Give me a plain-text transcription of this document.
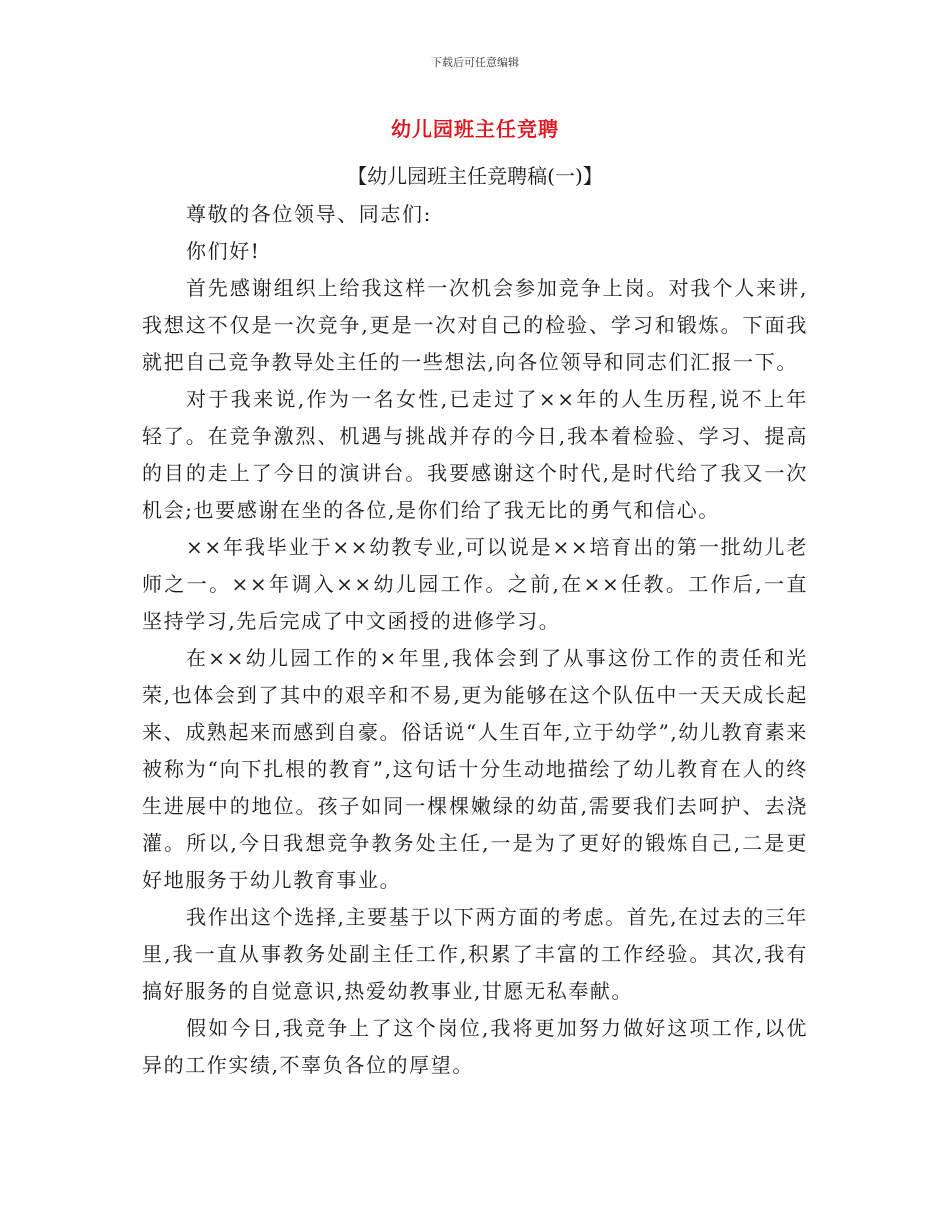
下载后可任意编辑
幼儿园班主任竞聘
【幼儿园班主任竞聘稿(一)】

尊敬的各位领导、同志们:

你们好!

首先感谢组织上给我这样一次机会参加竞争上岗。对我个人来讲,我想这不仅是一次竞争,更是一次对自己的检验、学习和锻炼。下面我就把自己竞争教导处主任的一些想法,向各位领导和同志们汇报一下。

对于我来说,作为一名女性,已走过了××年的人生历程,说不上年轻了。在竞争激烈、机遇与挑战并存的今日,我本着检验、学习、提高的目的走上了今日的演讲台。我要感谢这个时代,是时代给了我又一次机会;也要感谢在坐的各位,是你们给了我无比的勇气和信心。

××年我毕业于××幼教专业,可以说是××培育出的第一批幼儿老师之一。××年调入××幼儿园工作。之前,在××任教。工作后,一直坚持学习,先后完成了中文函授的进修学习。

在××幼儿园工作的×年里,我体会到了从事这份工作的责任和光荣,也体会到了其中的艰辛和不易,更为能够在这个队伍中一天天成长起来、成熟起来而感到自豪。俗话说“人生百年,立于幼学”,幼儿教育素来被称为“向下扎根的教育”,这句话十分生动地描绘了幼儿教育在人的终生进展中的地位。孩子如同一棵棵嫩绿的幼苗,需要我们去呵护、去浇灌。所以,今日我想竞争教务处主任,一是为了更好的锻炼自己,二是更好地服务于幼儿教育事业。

我作出这个选择,主要基于以下两方面的考虑。首先,在过去的三年里,我一直从事教务处副主任工作,积累了丰富的工作经验。其次,我有搞好服务的自觉意识,热爱幼教事业,甘愿无私奉献。

假如今日,我竞争上了这个岗位,我将更加努力做好这项工作,以优异的工作实绩,不辜负各位的厚望。
